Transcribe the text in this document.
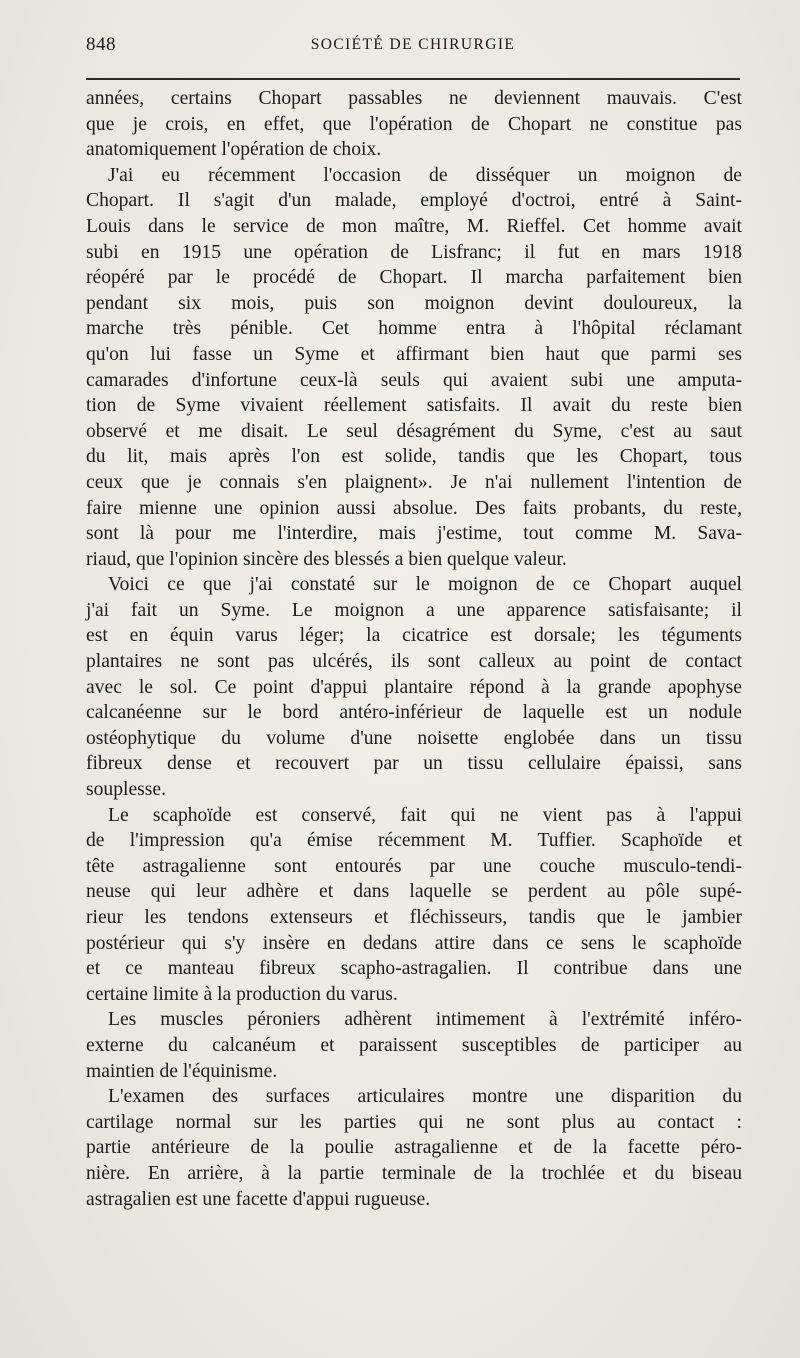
848	SOCIÉTÉ DE CHIRURGIE

années, certains Chopart passables ne deviennent mauvais. C'est
que je crois, en effet, que l'opération de Chopart ne constitue pas
anatomiquement l'opération de choix.

J'ai eu récemment l'occasion de disséquer un moignon de
Chopart. Il s'agit d'un malade, employé d'octroi, entré à Saint-
Louis dans le service de mon maître, M. Rieffel. Cet homme avait
subi en 1915 une opération de Lisfranc; il fut en mars 1918
réopéré par le procédé de Chopart. Il marcha parfaitement bien
pendant six mois, puis son moignon devint douloureux, la
marche très pénible. Cet homme entra à l'hôpital réclamant
qu'on lui fasse un Syme et affirmant bien haut que parmi ses
camarades d'infortune ceux-là seuls qui avaient subi une amputa-
tion de Syme vivaient réellement satisfaits. Il avait du reste bien
observé et me disait. Le seul désagrément du Syme, c'est au saut
du lit, mais après l'on est solide, tandis que les Chopart, tous
ceux que je connais s'en plaignent». Je n'ai nullement l'intention de
faire mienne une opinion aussi absolue. Des faits probants, du reste,
sont là pour me l'interdire, mais j'estime, tout comme M. Sava-
riaud, que l'opinion sincère des blessés a bien quelque valeur.

Voici ce que j'ai constaté sur le moignon de ce Chopart auquel
j'ai fait un Syme. Le moignon a une apparence satisfaisante; il
est en équin varus léger; la cicatrice est dorsale; les téguments
plantaires ne sont pas ulcérés, ils sont calleux au point de contact
avec le sol. Ce point d'appui plantaire répond à la grande apophyse
calcanéenne sur le bord antéro-inférieur de laquelle est un nodule
ostéophytique du volume d'une noisette englobée dans un tissu
fibreux dense et recouvert par un tissu cellulaire épaissi, sans
souplesse.

Le scaphoïde est conservé, fait qui ne vient pas à l'appui
de l'impression qu'a émise récemment M. Tuffier. Scaphoïde et
tête astragalienne sont entourés par une couche musculo-tendi-
neuse qui leur adhère et dans laquelle se perdent au pôle supé-
rieur les tendons extenseurs et fléchisseurs, tandis que le jambier
postérieur qui s'y insère en dedans attire dans ce sens le scaphoïde
et ce manteau fibreux scapho-astragalien. Il contribue dans une
certaine limite à la production du varus.

Les muscles péroniers adhèrent intimement à l'extrémité inféro-
externe du calcanéum et paraissent susceptibles de participer au
maintien de l'équinisme.

L'examen des surfaces articulaires montre une disparition du
cartilage normal sur les parties qui ne sont plus au contact :
partie antérieure de la poulie astragalienne et de la facette péro-
nière. En arrière, à la partie terminale de la trochlée et du biseau
astragalien est une facette d'appui rugueuse.
